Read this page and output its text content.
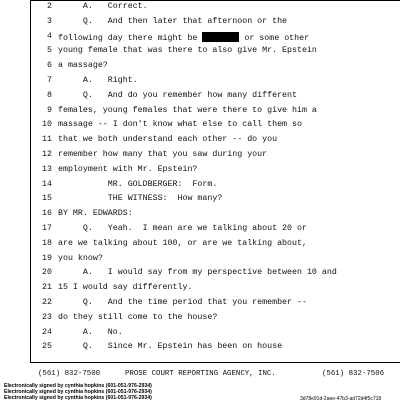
2 A.   Correct.
3 Q.   And then later that afternoon or the
4 following day there might be	or some other
5 young female that was there to also give Mr. Epstein
6 a massage?
7 A.   Right.
8 Q.   And do you remember how many different
9 females, young females that were there to give him a
10 massage -- I don't know what else to call them so
11 that we both understand each other -- do you
12 remember how many that you saw during your
13 employment with Mr. Epstein?
14 MR. GOLDBERGER:  Form.
15 THE WITNESS:  How many?
16 BY MR. EDWARDS:
17 Q.   Yeah.  I mean are we talking about 20 or
18 are we talking about 100, or are we talking about,
19 you know?
20 A.   I would say from my perspective between 10 and
21 15 I would say differently.
22 Q.   And the time period that you remember --
23 do they still come to the house?
24 A.   No.
25 Q.   Since Mr. Epstein has been on house
(561) 832-7500	PROSE COURT REPORTING AGENCY, INC.	(561) 832-7506
Electronically signed by cynthia hopkins (601-051-976-2934)
Electronically signed by cynthia hopkins (601-051-976-2934)
Electronically signed by cynthia hopkins (601-051-976-2934)	3d78e91d-2aee-47b3-ad72d4f5c718
